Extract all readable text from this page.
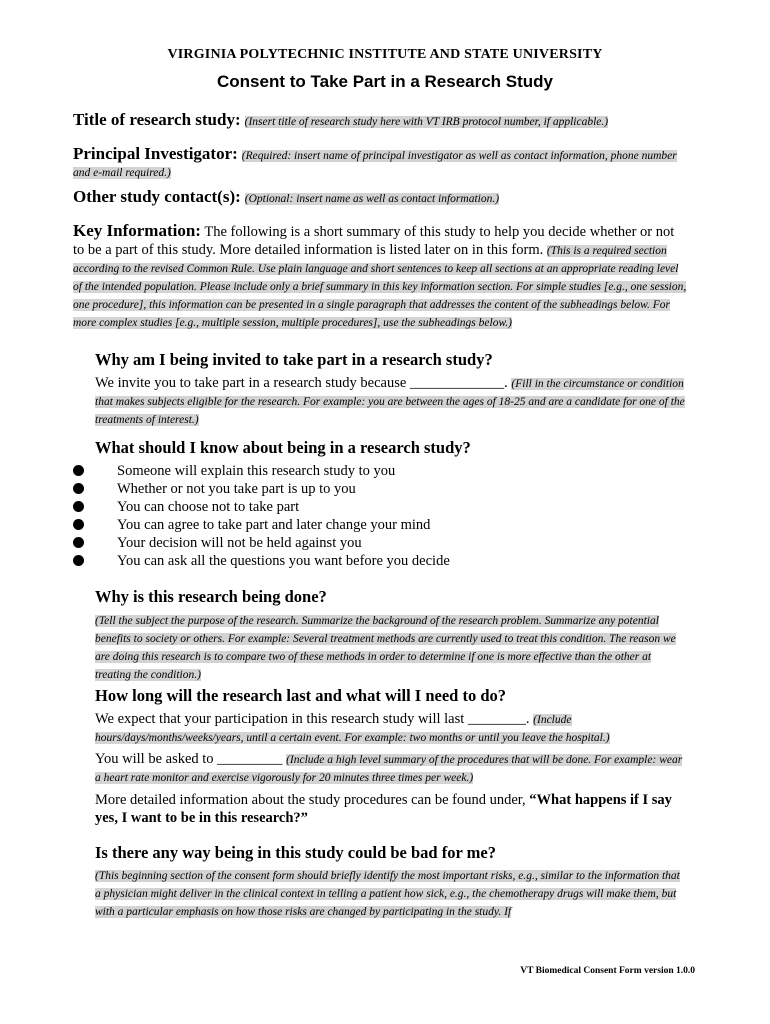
VIRGINIA POLYTECHNIC INSTITUTE AND STATE UNIVERSITY
Consent to Take Part in a Research Study
Title of research study: (Insert title of research study here with VT IRB protocol number, if applicable.)
Principal Investigator: (Required: insert name of principal investigator as well as contact information, phone number and e-mail required.)
Other study contact(s): (Optional: insert name as well as contact information.)
Key Information: The following is a short summary of this study to help you decide whether or not to be a part of this study. More detailed information is listed later on in this form. (This is a required section according to the revised Common Rule. Use plain language and short sentences to keep all sections at an appropriate reading level of the intended population. Please include only a brief summary in this key information section. For simple studies [e.g., one session, one procedure], this information can be presented in a single paragraph that addresses the content of the subheadings below. For more complex studies [e.g., multiple session, multiple procedures], use the subheadings below.)
Why am I being invited to take part in a research study?
We invite you to take part in a research study because _____________. (Fill in the circumstance or condition that makes subjects eligible for the research. For example: you are between the ages of 18-25 and are a candidate for one of the treatments of interest.)
What should I know about being in a research study?
Someone will explain this research study to you
Whether or not you take part is up to you
You can choose not to take part
You can agree to take part and later change your mind
Your decision will not be held against you
You can ask all the questions you want before you decide
Why is this research being done?
(Tell the subject the purpose of the research. Summarize the background of the research problem. Summarize any potential benefits to society or others. For example: Several treatment methods are currently used to treat this condition. The reason we are doing this research is to compare two of these methods in order to determine if one is more effective than the other at treating the condition.)
How long will the research last and what will I need to do?
We expect that your participation in this research study will last ________. (Include hours/days/months/weeks/years, until a certain event. For example: two months or until you leave the hospital.)
You will be asked to _________ (Include a high level summary of the procedures that will be done. For example: wear a heart rate monitor and exercise vigorously for 20 minutes three times per week.)
More detailed information about the study procedures can be found under, “What happens if I say yes, I want to be in this research?”
Is there any way being in this study could be bad for me?
(This beginning section of the consent form should briefly identify the most important risks, e.g., similar to the information that a physician might deliver in the clinical context in telling a patient how sick, e.g., the chemotherapy drugs will make them, but with a particular emphasis on how those risks are changed by participating in the study. If
VT Biomedical Consent Form version 1.0.0
